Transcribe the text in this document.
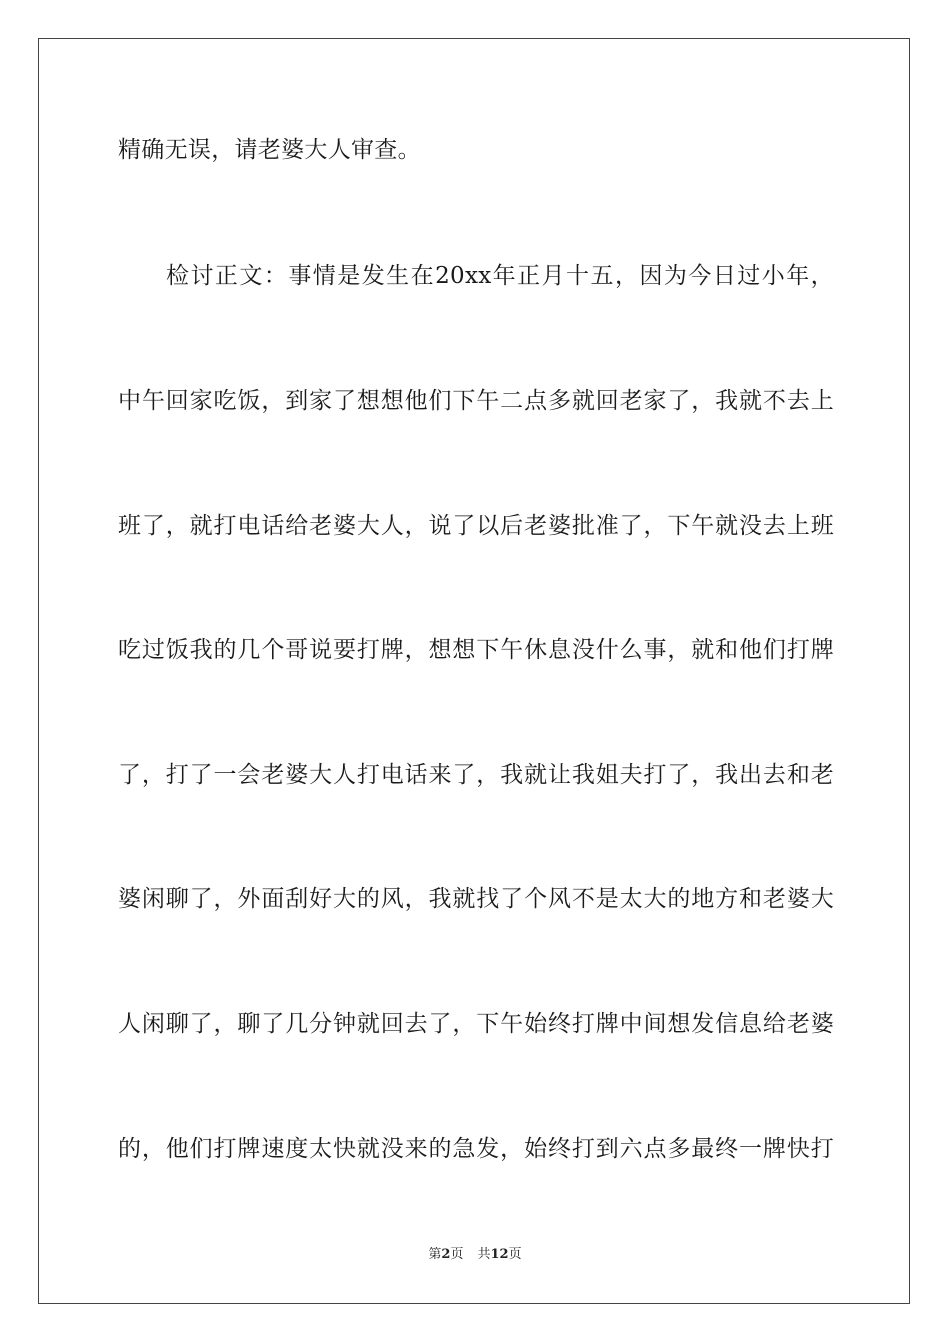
精确无误，请老婆大人审查。
检讨正文：事情是发生在20xx年正月十五，因为今日过小年，
中午回家吃饭，到家了想想他们下午二点多就回老家了，我就不去上
班了，就打电话给老婆大人，说了以后老婆批准了，下午就没去上班
吃过饭我的几个哥说要打牌，想想下午休息没什么事，就和他们打牌
了，打了一会老婆大人打电话来了，我就让我姐夫打了，我出去和老
婆闲聊了，外面刮好大的风，我就找了个风不是太大的地方和老婆大
人闲聊了，聊了几分钟就回去了，下午始终打牌中间想发信息给老婆
的，他们打牌速度太快就没来的急发，始终打到六点多最终一牌快打
第2页 共12页
